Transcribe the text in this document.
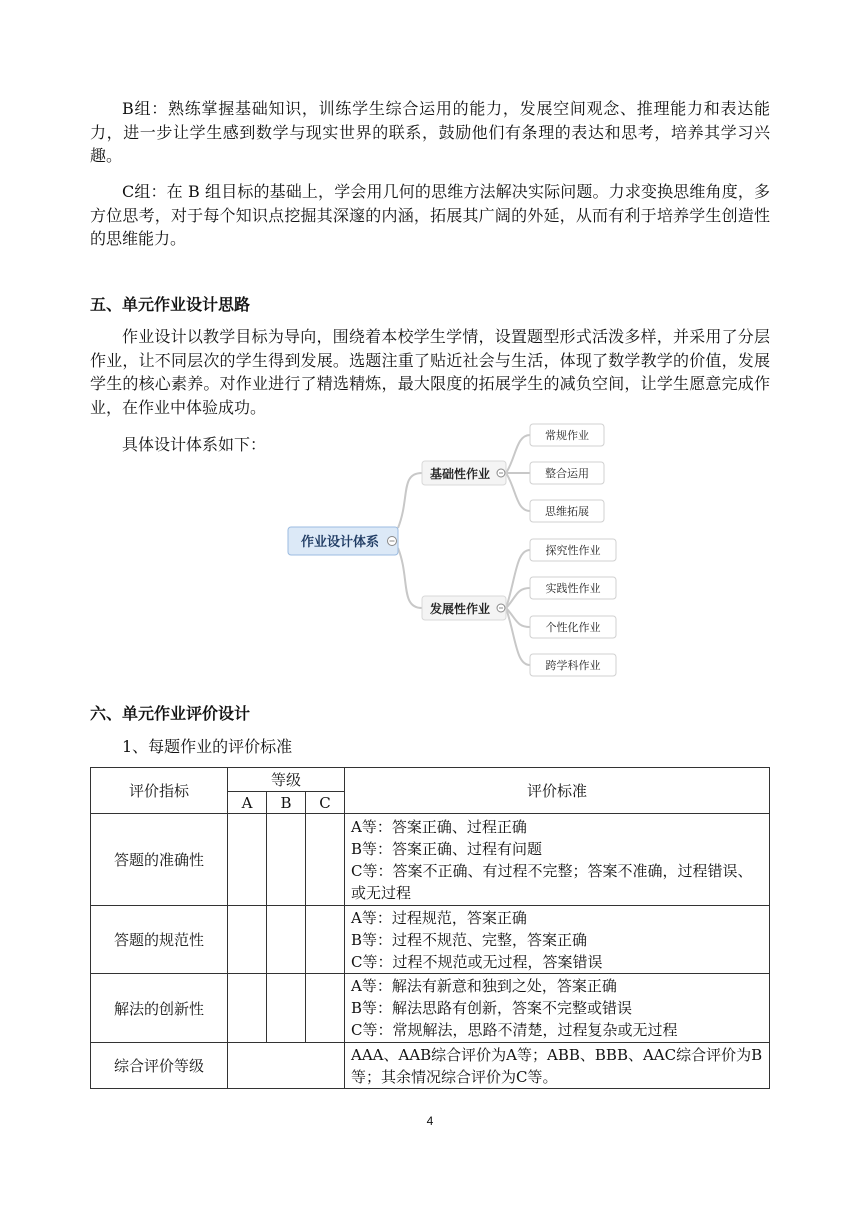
B组：熟练掌握基础知识，训练学生综合运用的能力，发展空间观念、推理能力和表达能力，进一步让学生感到数学与现实世界的联系，鼓励他们有条理的表达和思考，培养其学习兴趣。

C组：在 B 组目标的基础上，学会用几何的思维方法解决实际问题。力求变换思维角度，多方位思考，对于每个知识点挖掘其深邃的内涵，拓展其广阔的外延，从而有利于培养学生创造性的思维能力。

五、单元作业设计思路

作业设计以教学目标为导向，围绕着本校学生学情，设置题型形式活泼多样，并采用了分层作业，让不同层次的学生得到发展。选题注重了贴近社会与生活，体现了数学教学的价值，发展学生的核心素养。对作业进行了精选精炼，最大限度的拓展学生的减负空间，让学生愿意完成作业，在作业中体验成功。

具体设计体系如下：

作业设计体系
基础性作业
发展性作业
常规作业
整合运用
思维拓展
探究性作业
实践性作业
个性化作业
跨学科作业
六、单元作业评价设计

1、每题作业的评价标准

评价指标	等级			评价标准
	A	B	C	
答题的准确性				A等：答案正确、过程正确
B等：答案正确、过程有问题
C等：答案不正确、有过程不完整；答案不准确，过程错误、或无过程

答题的规范性				A等：过程规范，答案正确
B等：过程不规范、完整，答案正确
C等：过程不规范或无过程，答案错误

解法的创新性				A等：解法有新意和独到之处，答案正确
B等：解法思路有创新，答案不完整或错误
C等：常规解法，思路不清楚，过程复杂或无过程

综合评价等级				AAA、AAB综合评价为A等；ABB、BBB、AAC综合评价为B等；其余情况综合评价为C等。
4
